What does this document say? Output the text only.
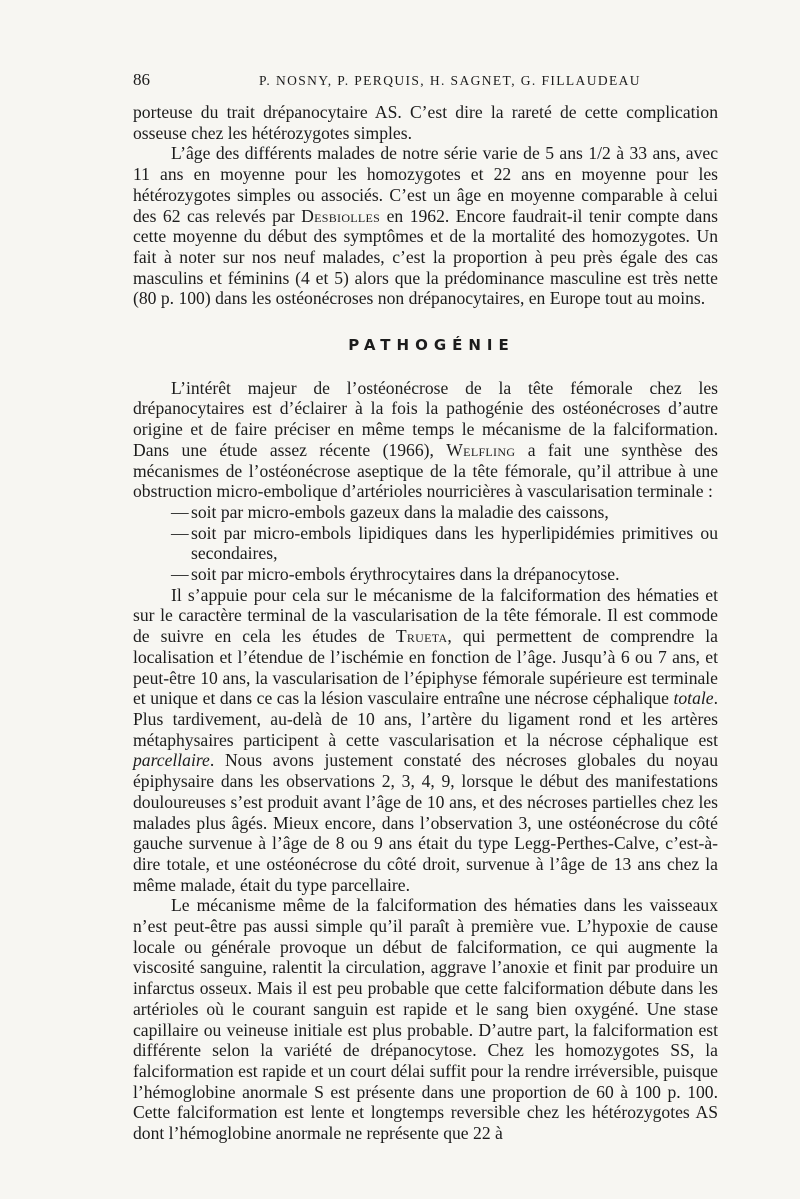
86	P. NOSNY, P. PERQUIS, H. SAGNET, G. FILLAUDEAU

porteuse du trait drépanocytaire AS. C’est dire la rareté de cette complication osseuse chez les hétérozygotes simples.

L’âge des différents malades de notre série varie de 5 ans 1/2 à 33 ans, avec 11 ans en moyenne pour les homozygotes et 22 ans en moyenne pour les hétérozygotes simples ou associés. C’est un âge en moyenne comparable à celui des 62 cas relevés par Desbiolles en 1962. Encore faudrait-il tenir compte dans cette moyenne du début des symptômes et de la mortalité des homozygotes. Un fait à noter sur nos neuf malades, c’est la proportion à peu près égale des cas masculins et féminins (4 et 5) alors que la prédominance masculine est très nette (80 p. 100) dans les ostéonécroses non drépanocytaires, en Europe tout au moins.

PATHOGÉNIE

L’intérêt majeur de l’ostéonécrose de la tête fémorale chez les drépanocytaires est d’éclairer à la fois la pathogénie des ostéonécroses d’autre origine et de faire préciser en même temps le mécanisme de la falciformation. Dans une étude assez récente (1966), Welfling a fait une synthèse des mécanismes de l’ostéonécrose aseptique de la tête fémorale, qu’il attribue à une obstruction micro-embolique d’artérioles nourricières à vascularisation terminale :

— soit par micro-embols gazeux dans la maladie des caissons,
— soit par micro-embols lipidiques dans les hyperlipidémies primitives ou secondaires,
— soit par micro-embols érythrocytaires dans la drépanocytose.

Il s’appuie pour cela sur le mécanisme de la falciformation des hématies et sur le caractère terminal de la vascularisation de la tête fémorale. Il est commode de suivre en cela les études de Trueta, qui permettent de comprendre la localisation et l’étendue de l’ischémie en fonction de l’âge. Jusqu’à 6 ou 7 ans, et peut-être 10 ans, la vascularisation de l’épiphyse fémorale supérieure est terminale et unique et dans ce cas la lésion vasculaire entraîne une nécrose céphalique totale. Plus tardivement, au-delà de 10 ans, l’artère du ligament rond et les artères métaphysaires participent à cette vascularisation et la nécrose céphalique est parcellaire. Nous avons justement constaté des nécroses globales du noyau épiphysaire dans les observations 2, 3, 4, 9, lorsque le début des manifestations douloureuses s’est produit avant l’âge de 10 ans, et des nécroses partielles chez les malades plus âgés. Mieux encore, dans l’observation 3, une ostéonécrose du côté gauche survenue à l’âge de 8 ou 9 ans était du type Legg-Perthes-Calve, c’est-à-dire totale, et une ostéonécrose du côté droit, survenue à l’âge de 13 ans chez la même malade, était du type parcellaire.

Le mécanisme même de la falciformation des hématies dans les vaisseaux n’est peut-être pas aussi simple qu’il paraît à première vue. L’hypoxie de cause locale ou générale provoque un début de falciformation, ce qui augmente la viscosité sanguine, ralentit la circulation, aggrave l’anoxie et finit par produire un infarctus osseux. Mais il est peu probable que cette falciformation débute dans les artérioles où le courant sanguin est rapide et le sang bien oxygéné. Une stase capillaire ou veineuse initiale est plus probable. D’autre part, la falciformation est différente selon la variété de drépanocytose. Chez les homozygotes SS, la falciformation est rapide et un court délai suffit pour la rendre irréversible, puisque l’hémoglobine anormale S est présente dans une proportion de 60 à 100 p. 100. Cette falciformation est lente et longtemps reversible chez les hétérozygotes AS dont l’hémoglobine anormale ne représente que 22 à
